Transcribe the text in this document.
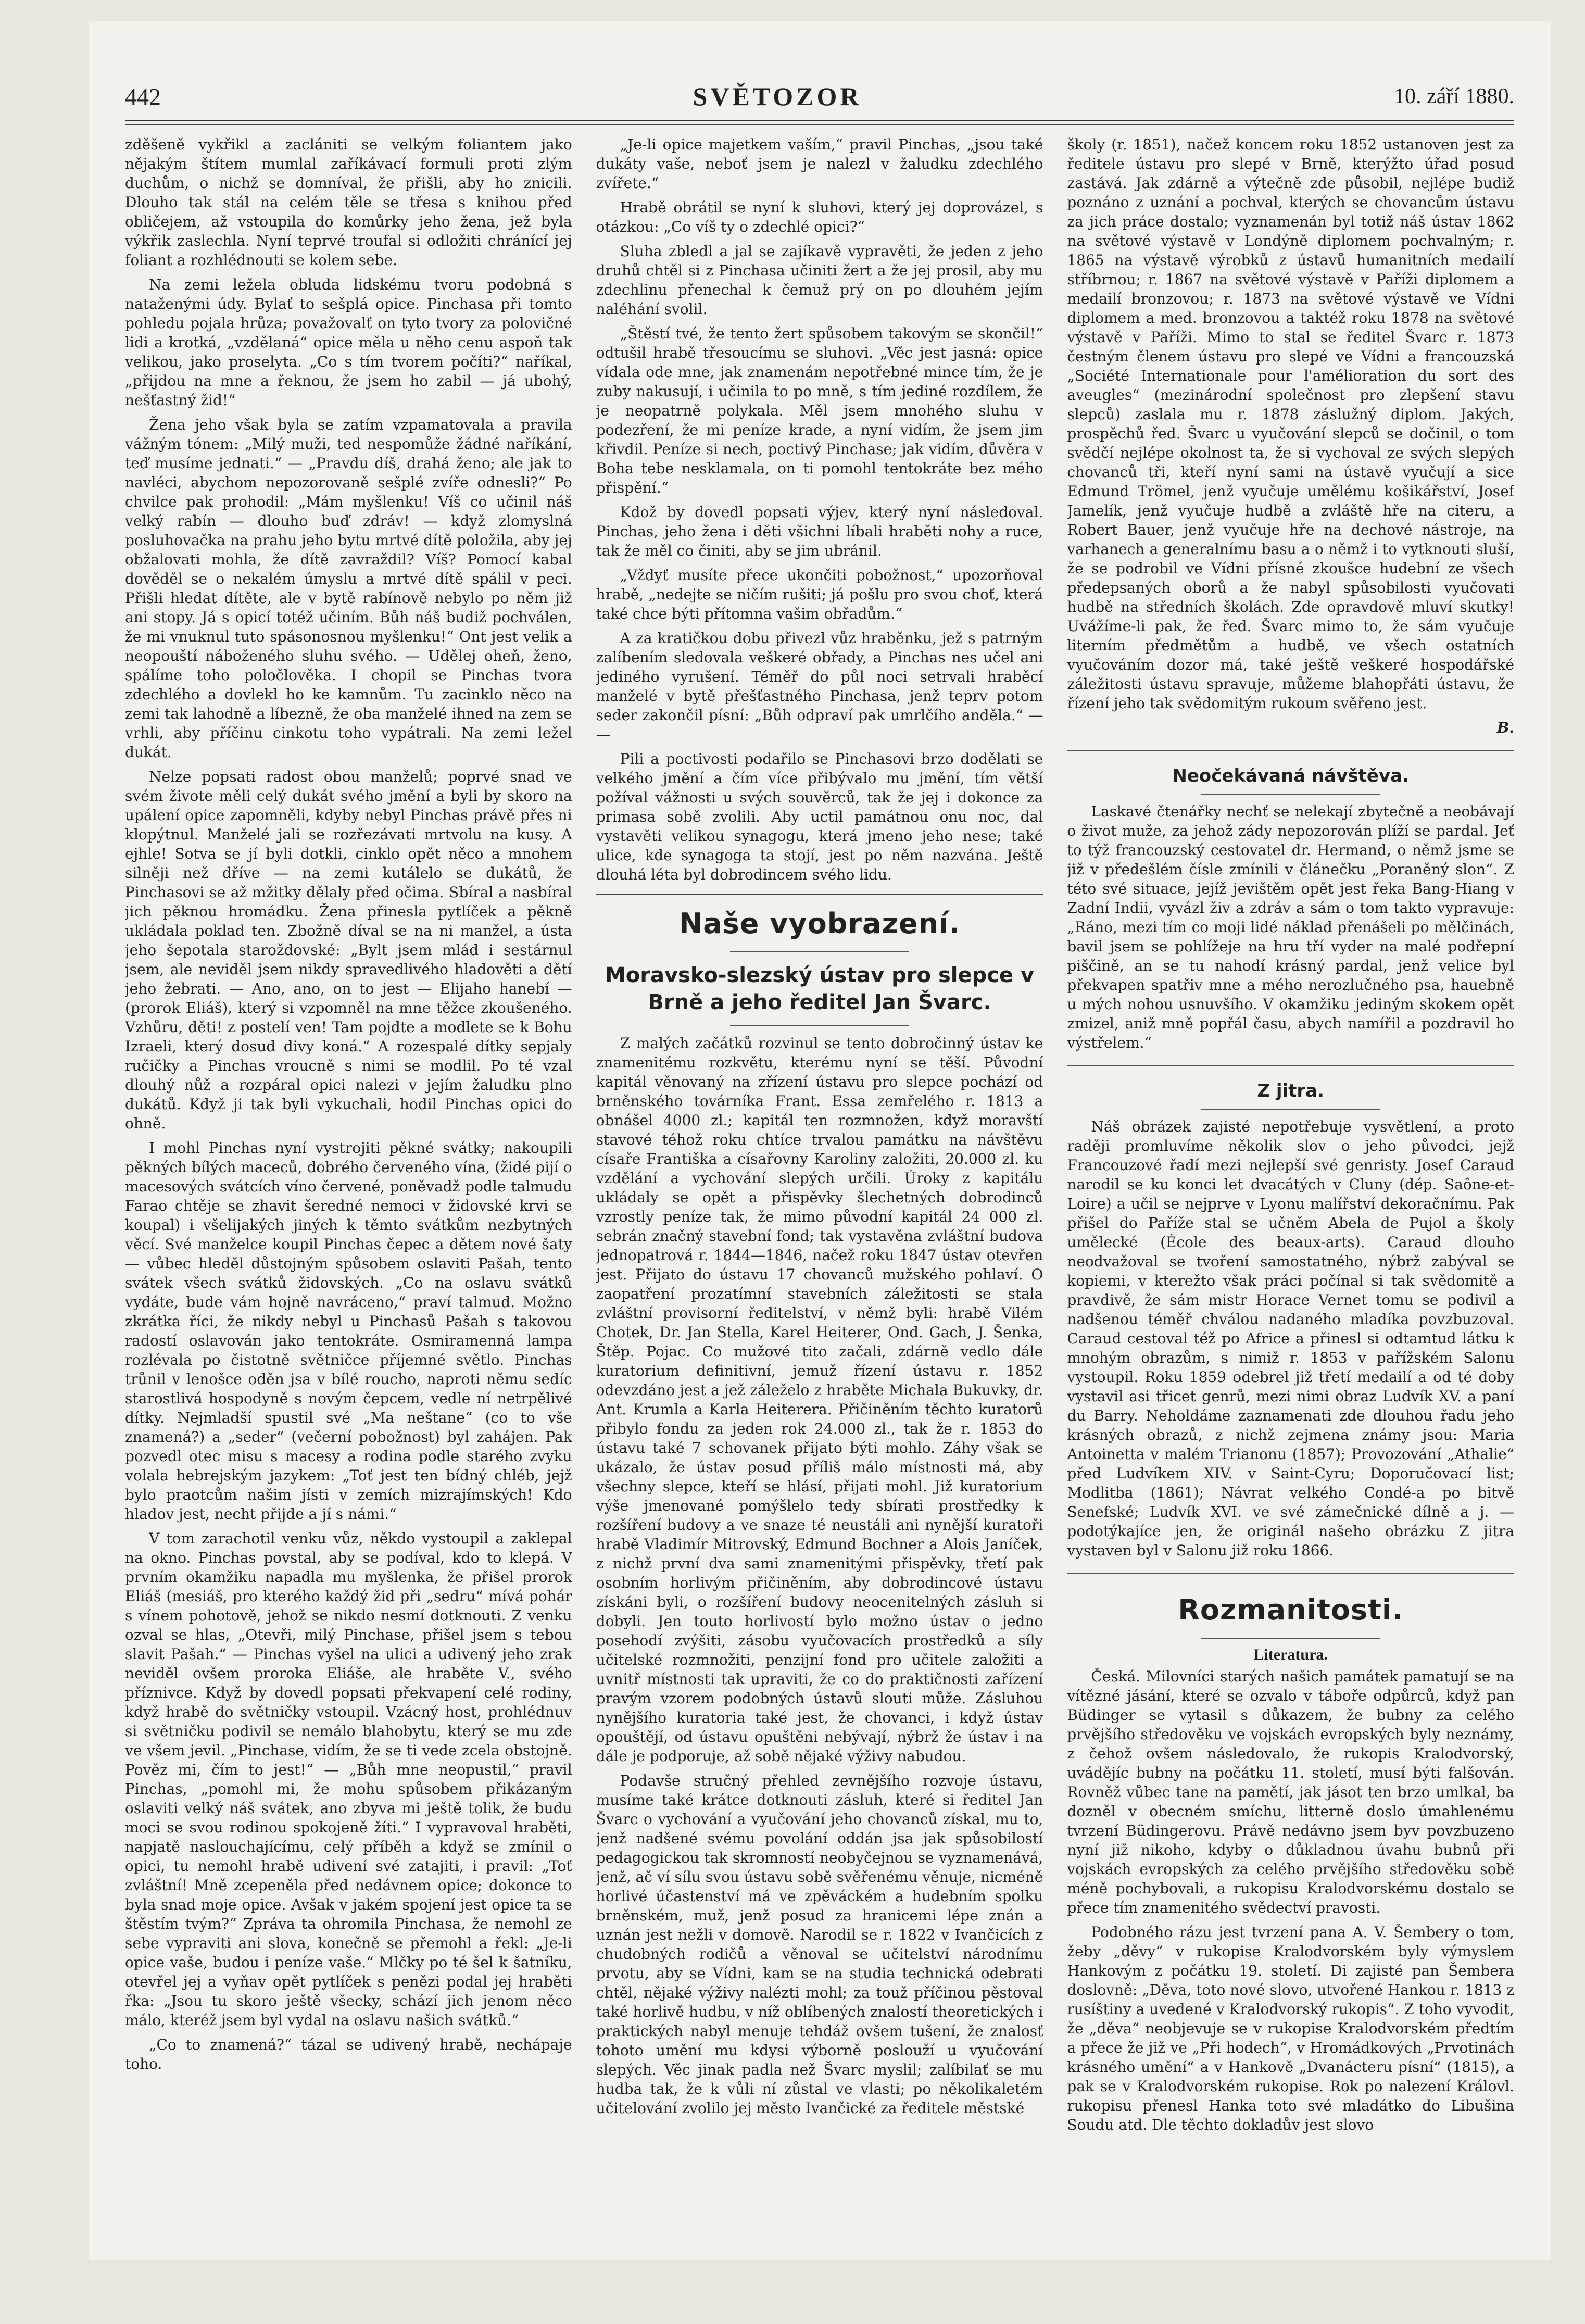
442	SVĚTOZOR	10. září 1880.

zděšeně vykřikl a zaclániti se velkým foliantem jako nějakým štítem mumlal zaříkávací formuli proti zlým duchům, o nichž se domníval, že přišli, aby ho znicili. Dlouho tak stál na celém těle se třesa s knihou před obličejem, až vstoupila do komůrky jeho žena, jež byla výkřik zaslechla. Nyní teprvé troufal si odložiti chránící jej foliant a rozhlédnouti se kolem sebe.

Na zemi ležela obluda lidskému tvoru podobná s nataženými údy. Bylať to sešplá opice. Pinchasa při tomto pohledu pojala hrůza; považovalť on tyto tvory za polovičné lidi a krotká, „vzdělaná“ opice měla u něho cenu aspoň tak velikou, jako proselyta. „Co s tím tvorem počíti?“ naříkal, „přijdou na mne a řeknou, že jsem ho zabil — já ubohý, nešťastný žid!“

Žena jeho však byla se zatím vzpamatovala a pravila vážným tónem: „Milý muži, ted nespomůže žádné naříkání, teď musíme jednati.“ — „Pravdu díš, drahá ženo; ale jak to navléci, abychom nepozorovaně sešplé zvíře odnesli?“ Po chvilce pak prohodil: „Mám myšlenku! Víš co učinil náš velký rabín — dlouho buď zdráv! — když zlomyslná posluhovačka na prahu jeho bytu mrtvé dítě položila, aby jej obžalovati mohla, že dítě zavraždil? Víš? Pomocí kabal dověděl se o nekalém úmyslu a mrtvé dítě spálil v peci. Přišli hledat dítěte, ale v bytě rabínově nebylo po něm již ani stopy. Já s opicí totéž učiním. Bůh náš budiž pochválen, že mi vnuknul tuto spásonosnou myšlenku!“ Ont jest velik a neopouští náboženého sluhu svého. — Udělej oheň, ženo, spálíme toho poločlověka. I chopil se Pinchas tvora zdechlého a dovlekl ho ke kamnům. Tu zacinklo něco na zemi tak lahodně a líbezně, že oba manželé ihned na zem se vrhli, aby příčinu cinkotu toho vypátrali. Na zemi ležel dukát.

Nelze popsati radost obou manželů; poprvé snad ve svém živote měli celý dukát svého jmění a byli by skoro na upálení opice zapomněli, kdyby nebyl Pinchas právě přes ni klopýtnul. Manželé jali se rozřezávati mrtvolu na kusy. A ejhle! Sotva se jí byli dotkli, cinklo opět něco a mnohem silněji než dříve — na zemi kutálelo se dukátů, že Pinchasovi se až mžitky dělaly před očima. Sbíral a nasbíral jich pěknou hromádku. Žena přinesla pytlíček a pěkně ukládala poklad ten. Zbožně díval se na ni manžel, a ústa jeho šepotala staroždovské: „Bylt jsem mlád i sestárnul jsem, ale neviděl jsem nikdy spravedlivého hladověti a dětí jeho žebrati. — Ano, ano, on to jest — Elijaho hanebí — (prorok Eliáš), který si vzpomněl na mne těžce zkoušeného. Vzhůru, děti! z postelí ven! Tam pojdte a modlete se k Bohu Izraeli, který dosud divy koná.“ A rozespalé dítky sepjaly ručičky a Pinchas vroucně s nimi se modlil. Po té vzal dlouhý nůž a rozpáral opici nalezi v jejím žaludku plno dukátů. Když ji tak byli vykuchali, hodil Pinchas opici do ohně.

I mohl Pinchas nyní vystrojiti pěkné svátky; nakoupili pěkných bílých maceсů, dobrého červeného vína, (židé pijí o macesových svátcích víno červené, poněvadž podle talmudu Farao chtěje se zhavit šeredné nemoci v židovské krvi se koupal) i všelijakých jiných k těmto svátkům nezbytných věcí. Své manželce koupil Pinchas čepec a dětem nové šaty — vůbec hleděl důstojným spůsobem oslaviti Pašah, tento svátek všech svátků židovských. „Co na oslavu svátků vydáte, bude vám hojně navráceno,“ praví talmud. Možno zkrátka říci, že nikdy nebyl u Pinchasů Pašah s takovou radostí oslavován jako tentokráte. Osmiramenná lampa rozlévala po čistotně světničce příjemné světlo. Pinchas trůnil v lenošce oděn jsa v bílé roucho, naproti němu sedíc starostlivá hospodyně s novým čepcem, vedle ní netrpělivé dítky. Nejmladší spustil své „Ma neštane“ (co to vše znamená?) a „seder“ (večerní pobožnost) byl zahájen. Pak pozvedl otec misu s macesy a rodina podle starého zvyku volala hebrejským jazykem: „Toť jest ten bídný chléb, jejž bylo praotcům našim jísti v zemích mizrajímských! Kdo hladov jest, necht přijde a jí s námi.“

V tom zarachotil venku vůz, někdo vystoupil a zaklepal na okno. Pinchas povstal, aby se podíval, kdo to klepá. V prvním okamžiku napadla mu myšlenka, že přišel prorok Eliáš (mesiáš, pro kterého každý žid při „sedru“ mívá pohár s vínem pohotově, jehož se nikdo nesmí dotknouti. Z venku ozval se hlas, „Otevři, milý Pinchase, přišel jsem s tebou slavit Pašah.“ — Pinchas vyšel na ulici a udivený jeho zrak neviděl ovšem proroka Eliáše, ale hraběte V., svého příznivce. Když by dovedl popsati překvapení celé rodiny, když hrabě do světničky vstoupil. Vzácný host, prohlédnuv si světničku podivil se nemálo blahobytu, který se mu zde ve všem jevil. „Pinchase, vidím, že se ti vede zcela obstojně. Pověz mi, čím to jest!“ — „Bůh mne neopustil,“ pravil Pinchas, „pomohl mi, že mohu spůsobem přikázaným oslaviti velký náš svátek, ano zbyva mi ještě tolik, že budu moci se svou rodinou spokojeně žíti.“ I vypravoval hraběti, napjatě naslouchajícímu, celý příběh a když se zmínil o opici, tu nemohl hrabě udivení své zatajiti, i pravil: „Toť zvláštní! Mně zcepeněla před nedávnem opice; dokonce to byla snad moje opice. Avšak v jakém spojení jest opice ta se štěstím tvým?“ Zpráva ta ohromila Pinchasa, že nemohl ze sebe vypraviti ani slova, konečně se přemohl a řekl: „Je-li opice vaše, budou i peníze vaše.“ Mlčky po té šel k šatníku, otevřel jej a vyňav opět pytlíček s penězi podal jej hraběti řka: „Jsou tu skoro ještě všecky, schází jich jenom něco málo, kteréž jsem byl vydal na oslavu našich svátků.“

„Co to znamená?“ tázal se udivený hrabě, nechápaje toho.

„Je-li opice majetkem vaším,“ pravil Pinchas, „jsou také dukáty vaše, neboť jsem je nalezl v žaludku zdechlého zvířete.“

Hrabě obrátil se nyní k sluhovi, který jej doprovázel, s otázkou: „Co víš ty o zdechlé opici?“

Sluha zbledl a jal se zajíkavě vypravěti, že jeden z jeho druhů chtěl si z Pinchasa učiniti žert a že jej prosil, aby mu zdechlinu přenechal k čemuž prý on po dlouhém jejím naléhání svolil.

„Štěstí tvé, že tento žert spůsobem takovým se skončil!“ odtušil hrabě třesoucímu se sluhovi. „Věc jest jasná: opice vídala ode mne, jak znamenám nepotřebné mince tím, že je zuby nakusují, i učinila to po mně, s tím jediné rozdílem, že je neopatrně polykala. Měl jsem mnohého sluhu v podezření, že mi peníze krade, a nyní vidím, že jsem jim křivdil. Peníze si nech, poctivý Pinchase; jak vidím, důvěra v Boha tebe nesklamala, on ti pomohl tentokráte bez mého přispění.“

Kdož by dovedl popsati výjev, který nyní následoval. Pinchas, jeho žena i děti všichni líbali hraběti nohy a ruce, tak že měl co činiti, aby se jim ubránil.

„Vždyť musíte přece ukončiti pobožnost,“ upozorňoval hrabě, „nedejte se ničím rušiti; já pošlu pro svou choť, která také chce býti přítomna vašim obřadům.“

A za kratičkou dobu přivezl vůz hraběnku, jež s patrným zalíbením sledovala veškeré obřady, a Pinchas nes učel ani jediného vyrušení. Téměř do půl noci setrvali hraběcí manželé v bytě přešťastného Pinchasa, jenž teprv potom seder zakončil písní: „Bůh odpraví pak umrlčího anděla.“ — —

Pili a poctivosti podařilo se Pinchasovi brzo dodělati se velkého jmění a čím více přibývalo mu jmění, tím větší požíval vážnosti u svých souvěrců, tak že jej i dokonce za primasa sobě zvolili. Aby uctil památnou onu noc, dal vystavěti velikou synagogu, která jmeno jeho nese; také ulice, kde synagoga ta stojí, jest po něm nazvána. Ještě dlouhá léta byl dobrodincem svého lidu.

Naše vyobrazení.
Moravsko-slezský ústav pro slepce v Brně a jeho ředitel Jan Švarc.

Z malých začátků rozvinul se tento dobročinný ústav ke znamenitému rozkvětu, kterému nyní se těší. Původní kapitál věnovaný na zřízení ústavu pro slepce pochází od brněnského továrníka Frant. Essa zemřelého r. 1813 a obnášel 4000 zl.; kapitál ten rozmnožen, když moravští stavové téhož roku chtíce trvalou památku na návštěvu císaře Františka a císařovny Karoliny založiti, 20.000 zl. ku vzdělání a vychování slepých určili. Úroky z kapitálu ukládaly se opět a přispěvky šlechetných dobrodinců vzrostly peníze tak, že mimo původní kapitál 24 000 zl. sebrán značný stavební fond; tak vystavěna zvláštní budova jednopatrová r. 1844—1846, načež roku 1847 ústav otevřen jest. Přijato do ústavu 17 chovanců mužského pohlaví. O zaopatření prozatímní stavebních záležitosti se stala zvláštní provisorní ředitelství, v němž byli: hrabě Vilém Chotek, Dr. Jan Stella, Karel Heiterer, Ond. Gach, J. Šenka, Štěp. Pojac. Co mužové tito začali, zdárně vedlo dále kuratorium definitivní, jemuž řízení ústavu r. 1852 odevzdáno jest a jež záleželo z hraběte Michala Bukuvky, dr. Ant. Krumla a Karla Heiterera. Přičiněním těchto kuratorů přibylo fondu za jeden rok 24.000 zl., tak že r. 1853 do ústavu také 7 schovanek přijato býti mohlo. Záhy však se ukázalo, že ústav posud příliš málo místnosti má, aby všechny slepce, kteří se hlásí, přijati mohl. Již kuratorium výše jmenované pomýšlelo tedy sbírati prostředky k rozšíření budovy a ve snaze té neustáli ani nynější kuratoři hrabě Vladimír Mitrovský, Edmund Bochner a Alois Janíček, z nichž první dva sami znamenitými přispěvky, třetí pak osobním horlivým přičiněním, aby dobrodincové ústavu získáni byli, o rozšíření budovy neocenitelných zásluh si dobyli. Jen touto horlivostí bylo možno ústav o jedno posehodí zvýšiti, zásobu vyučovacích prostředků a síly učitelské rozmnožiti, penzijní fond pro učitele založiti a uvnitř místnosti tak upraviti, že co do praktičnosti zařízení pravým vzorem podobných ústavů slouti může. Zásluhou nynějšího kuratoria také jest, že chovanci, i když ústav opouštějí, od ústavu opuštěni nebývají, nýbrž že ústav i na dále je podporuje, až sobě nějaké výživy nabudou.

Podavše stručný přehled zevnějšího rozvoje ústavu, musíme také krátce dotknouti zásluh, které si ředitel Jan Švarc o vychování a vyučování jeho chovanců získal, mu to, jenž nadšené svému povolání oddán jsa jak spůsobilostí pedagogickou tak skromností neobyčejnou se vyznamenává, jenž, ač ví sílu svou ústavu sobě svěřenému věnuje, nicméně horlivé účastenství má ve zpěváckém a hudebním spolku brněnském, muž, jenž posud za hranicemi lépe znán a uznán jest nežli v domově. Narodil se r. 1822 v Ivančicích z chudobných rodičů a věnoval se učitelství národnímu prvotu, aby se Vídni, kam se na studia technická odebrati chtěl, nějaké výživy nalézti mohl; za touž příčinou pěstoval také horlivě hudbu, v níž oblíbených znalostí theoretických i praktických nabyl menuje tehdáž ovšem tušení, že znalosť tohoto umění mu kdysi výborně poslouží u vyučování slepých. Věc jinak padla než Švarc myslil; zalíbilať se mu hudba tak, že k vůli ní zůstal ve vlasti; po několikaletém učitelování zvolilo jej město Ivančické za ředitele městské

školy (r. 1851), načež koncem roku 1852 ustanoven jest za ředitele ústavu pro slepé v Brně, kterýžto úřad posud zastává. Jak zdárně a výtečně zde působil, nejlépe budiž poznáno z uznání a pochval, kterých se chovancům ústavu za jich práce dostalo; vyznamenán byl totiž náš ústav 1862 na světové výstavě v Londýně diplomem pochvalným; r. 1865 na výstavě výrobků z ústavů humanitních medailí stříbrnou; r. 1867 na světové výstavě v Paříži diplomem a medailí bronzovou; r. 1873 na světové výstavě ve Vídni diplomem a med. bronzovou a taktéž roku 1878 na světové výstavě v Paříži. Mimo to stal se ředitel Švarc r. 1873 čestným členem ústavu pro slepé ve Vídni a francouzská „Société Internationale pour l'amélioration du sort des aveugles“ (mezinárodní společnost pro zlepšení stavu slepců) zaslala mu r. 1878 záslužný diplom. Jakých, prospěchů řed. Švarc u vyučování slepců se dočinil, o tom svědčí nejlépe okolnost ta, že si vychoval ze svých slepých chovanců tři, kteří nyní sami na ústavě vyučují a sice Edmund Trömel, jenž vyučuje umělému košikářství, Josef Jamelík, jenž vyučuje hudbě a zvláště hře na citeru, a Robert Bauer, jenž vyučuje hře na dechové nástroje, na varhanech a generalnímu basu a o němž i to vytknouti sluší, že se podrobil ve Vídni přísné zkoušce hudební ze všech předepsaných oborů a že nabyl spůsobilosti vyučovati hudbě na středních školách. Zde opravdově mluví skutky! Uvážíme-li pak, že řed. Švarc mimo to, že sám vyučuje literním předmětům a hudbě, ve všech ostatních vyučováním dozor má, také ještě veškeré hospodářské záležitosti ústavu spravuje, můžeme blahopřáti ústavu, že řízení jeho tak svědomitým rukoum svěřeno jest.

B.

Neočekávaná návštěva.

Laskavé čtenářky nechť se nelekají zbytečně a neobávají o život muže, za jehož zády nepozorován plíží se pardal. Jeť to týž francouzský cestovatel dr. Hermand, o němž jsme se již v předešlém čísle zmínili v článečku „Poraněný slon“. Z této své situace, jejíž jevištěm opět jest řeka Bang-Hiang v Zadní Indii, vyvázl živ a zdráv a sám o tom takto vypravuje: „Ráno, mezi tím co moji lidé náklad přenášeli po mělčinách, bavil jsem se pohlížeje na hru tří vyder na malé podřepní piščině, an se tu nahodí krásný pardal, jenž velice byl překvapen spatřiv mne a mého nerozlučného psa, hauebně u mých nohou usnuvšího. V okamžiku jediným skokem opět zmizel, aniž mně popřál času, abych namířil a pozdravil ho výstřelem.“

Z jitra.

Náš obrázek zajisté nepotřebuje vysvětlení, a proto raději promluvíme několik slov o jeho původci, jejž Francouzové řadí mezi nejlepší své genristy. Josef Caraud narodil se ku konci let dvacátých v Cluny (dép. Saône-et-Loire) a učil se nejprve v Lyonu malířství dekoračnímu. Pak přišel do Paříže stal se učněm Abela de Pujol a školy umělecké (École des beaux-arts). Caraud dlouho neodvažoval se tvoření samostatného, nýbrž zabýval se kopiemi, v kterežto však práci počínal si tak svědomitě a pravdivě, že sám mistr Horace Vernet tomu se podivil a nadšenou téměř chválou nadaného mladíka povzbuzoval. Caraud cestoval též po Africe a přinesl si odtamtud látku k mnohým obrazům, s nimiž r. 1853 v pařížském Salonu vystoupil. Roku 1859 odebrel již třetí medailí a od té doby vystavil asi třicet genrů, mezi nimi obraz Ludvík XV. a paní du Barry. Neholdáme zaznamenati zde dlouhou řadu jeho krásných obrazů, z nichž zejmena známy jsou: Maria Antoinetta v malém Trianonu (1857); Provozování „Athalie“ před Ludvíkem XIV. v Saint-Cyru; Doporučovací list; Modlitba (1861); Návrat velkého Condé-a po bitvě Senefské; Ludvík XVI. ve své zámečnické dílně a j. — podotýkajíce jen, že originál našeho obrázku Z jitra vystaven byl v Salonu již roku 1866.

Rozmanitosti.
Literatura.

Česká. Milovníci starých našich památek pamatují se na vítězné jásání, které se ozvalo v táboře odpůrců, když pan Büdinger se vytasil s důkazem, že bubny za celého prvějšího středověku ve vojskách evropských byly neznámy, z čehož ovšem následovalo, že rukopis Kralodvorský, uvádějíc bubny na počátku 11. století, musí býti falšován. Rovněž vůbec tane na pamětí, jak jásot ten brzo umlkal, ba dozněl v obecném smíchu, litterně doslo úmahlenému tvrzení Büdingerovu. Právě nedávno jsem byv povzbuzeno nyní již nikoho, kdyby o důkladnou úvahu bubnů při vojskách evropských za celého prvějšího středověku sobě méně pochybovali, a rukopisu Kralodvorskému dostalo se přece tím znamenitého svědectví pravosti.

Podobného rázu jest tvrzení pana A. V. Šembery o tom, žeby „děvy“ v rukopise Kralodvorském byly výmyslem Hankovým z počátku 19. století. Di zajisté pan Šembera doslovně: „Děva, toto nové slovo, utvořené Hankou r. 1813 z rusíštiny a uvedené v Kralodvorský rukopis“. Z toho vyvodit, že „děva“ neobjevuje se v rukopise Kralodvorském předtím a přece že již ve „Při hodech“, v Hromádkových „Prvotinách krásného umění“ a v Hankově „Dvanácteru písní“ (1815), a pak se v Kralodvorském rukopise. Rok po nalezení Královl. rukopisu přenesl Hanka toto své mladátko do Libušina Soudu atd. Dle těchto dokladův jest slovo
